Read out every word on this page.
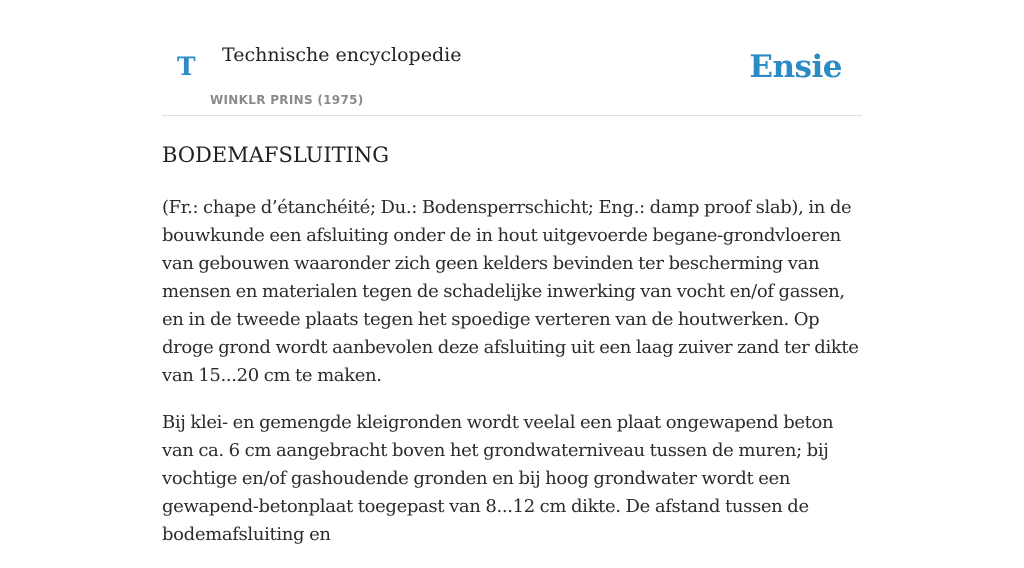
T Technische encyclopedie
WINKLR PRINS (1975)
Ensie
BODEMAFSLUITING

(Fr.: chape d’étanchéité; Du.: Bodensperrschicht; Eng.: damp proof slab), in de bouwkunde een afsluiting onder de in hout uitgevoerde begane-grondvloeren van gebouwen waaronder zich geen kelders bevinden ter bescherming van mensen en materialen tegen de schadelijke inwerking van vocht en/of gassen, en in de tweede plaats tegen het spoedige verteren van de houtwerken. Op droge grond wordt aanbevolen deze afsluiting uit een laag zuiver zand ter dikte van 15...20 cm te maken.

Bij klei- en gemengde kleigronden wordt veelal een plaat ongewapend beton van ca. 6 cm aangebracht boven het grondwaterniveau tussen de muren; bij vochtige en/of gashoudende gronden en bij hoog grondwater wordt een gewapend-betonplaat toegepast van 8...12 cm dikte. De afstand tussen de bodemafsluiting en
